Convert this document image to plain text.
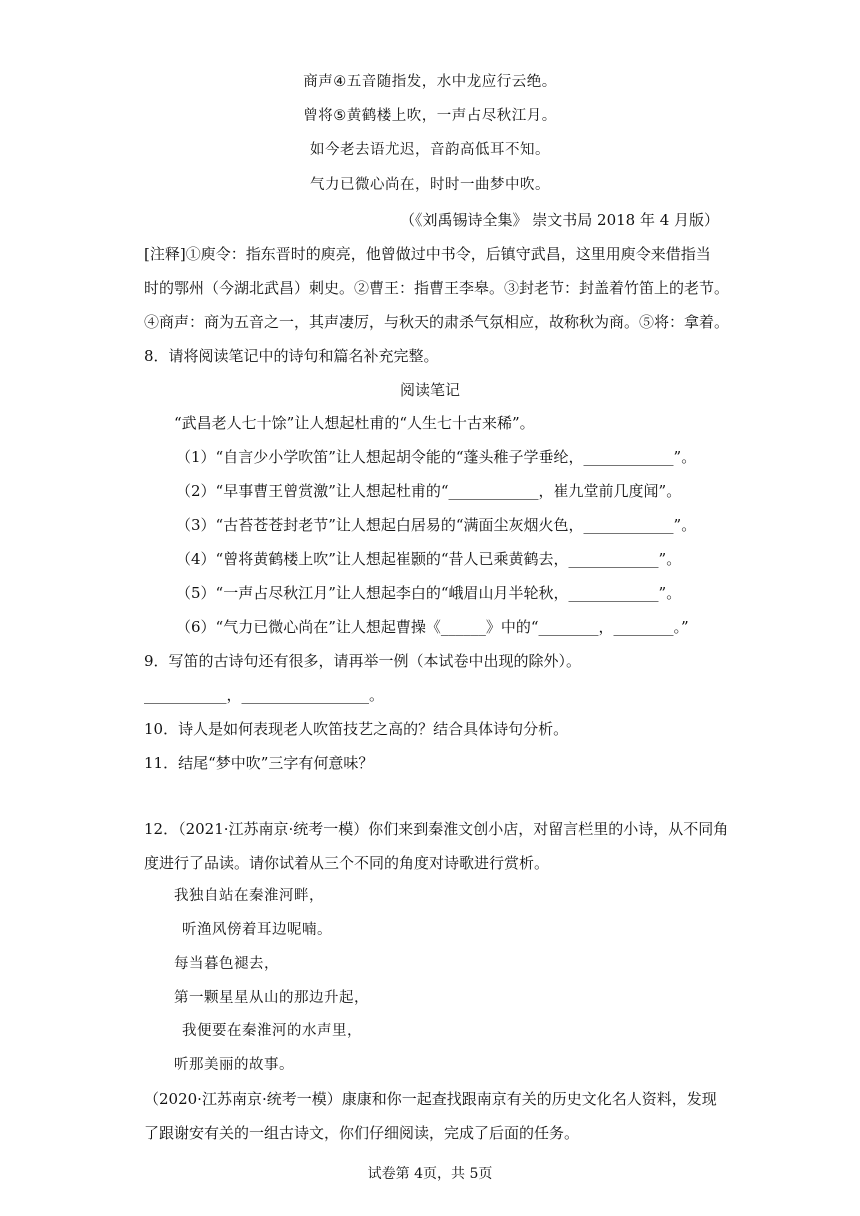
商声④五音随指发，水中龙应行云绝。
曾将⑤黄鹤楼上吹，一声占尽秋江月。
如今老去语尤迟，音韵高低耳不知。
气力已微心尚在，时时一曲梦中吹。
（《刘禹锡诗全集》 崇文书局 2018 年 4 月版）
[注释]①庾令：指东晋时的庾亮，他曾做过中书令，后镇守武昌，这里用庾令来借指当
时的鄂州（今湖北武昌）刺史。②曹王：指曹王李皋。③封老节：封盖着竹笛上的老节。
④商声：商为五音之一，其声凄厉，与秋天的肃杀气氛相应，故称秋为商。⑤将：拿着。
8．请将阅读笔记中的诗句和篇名补充完整。
阅读笔记
“武昌老人七十馀”让人想起杜甫的“人生七十古来稀”。
（1）“自言少小学吹笛”让人想起胡令能的“蓬头稚子学垂纶，____________”。
（2）“早事曹王曾赏激”让人想起杜甫的“____________，崔九堂前几度闻”。
（3）“古苔苍苍封老节”让人想起白居易的“满面尘灰烟火色，____________”。
（4）“曾将黄鹤楼上吹”让人想起崔颢的“昔人已乘黄鹤去，____________”。
（5）“一声占尽秋江月”让人想起李白的“峨眉山月半轮秋，____________”。
（6）“气力已微心尚在”让人想起曹操《______》中的“________，________。”
9．写笛的古诗句还有很多，请再举一例（本试卷中出现的除外）。
___________，_________________。
10．诗人是如何表现老人吹笛技艺之高的？结合具体诗句分析。
11．结尾“梦中吹”三字有何意味？
12．（2021·江苏南京·统考一模）你们来到秦淮文创小店，对留言栏里的小诗，从不同角
度进行了品读。请你试着从三个不同的角度对诗歌进行赏析。
我独自站在秦淮河畔，
听渔风傍着耳边呢喃。
每当暮色褪去，
第一颗星星从山的那边升起，
我便要在秦淮河的水声里，
听那美丽的故事。
（2020·江苏南京·统考一模）康康和你一起查找跟南京有关的历史文化名人资料，发现
了跟谢安有关的一组古诗文，你们仔细阅读，完成了后面的任务。
试卷第 4页，共 5页
